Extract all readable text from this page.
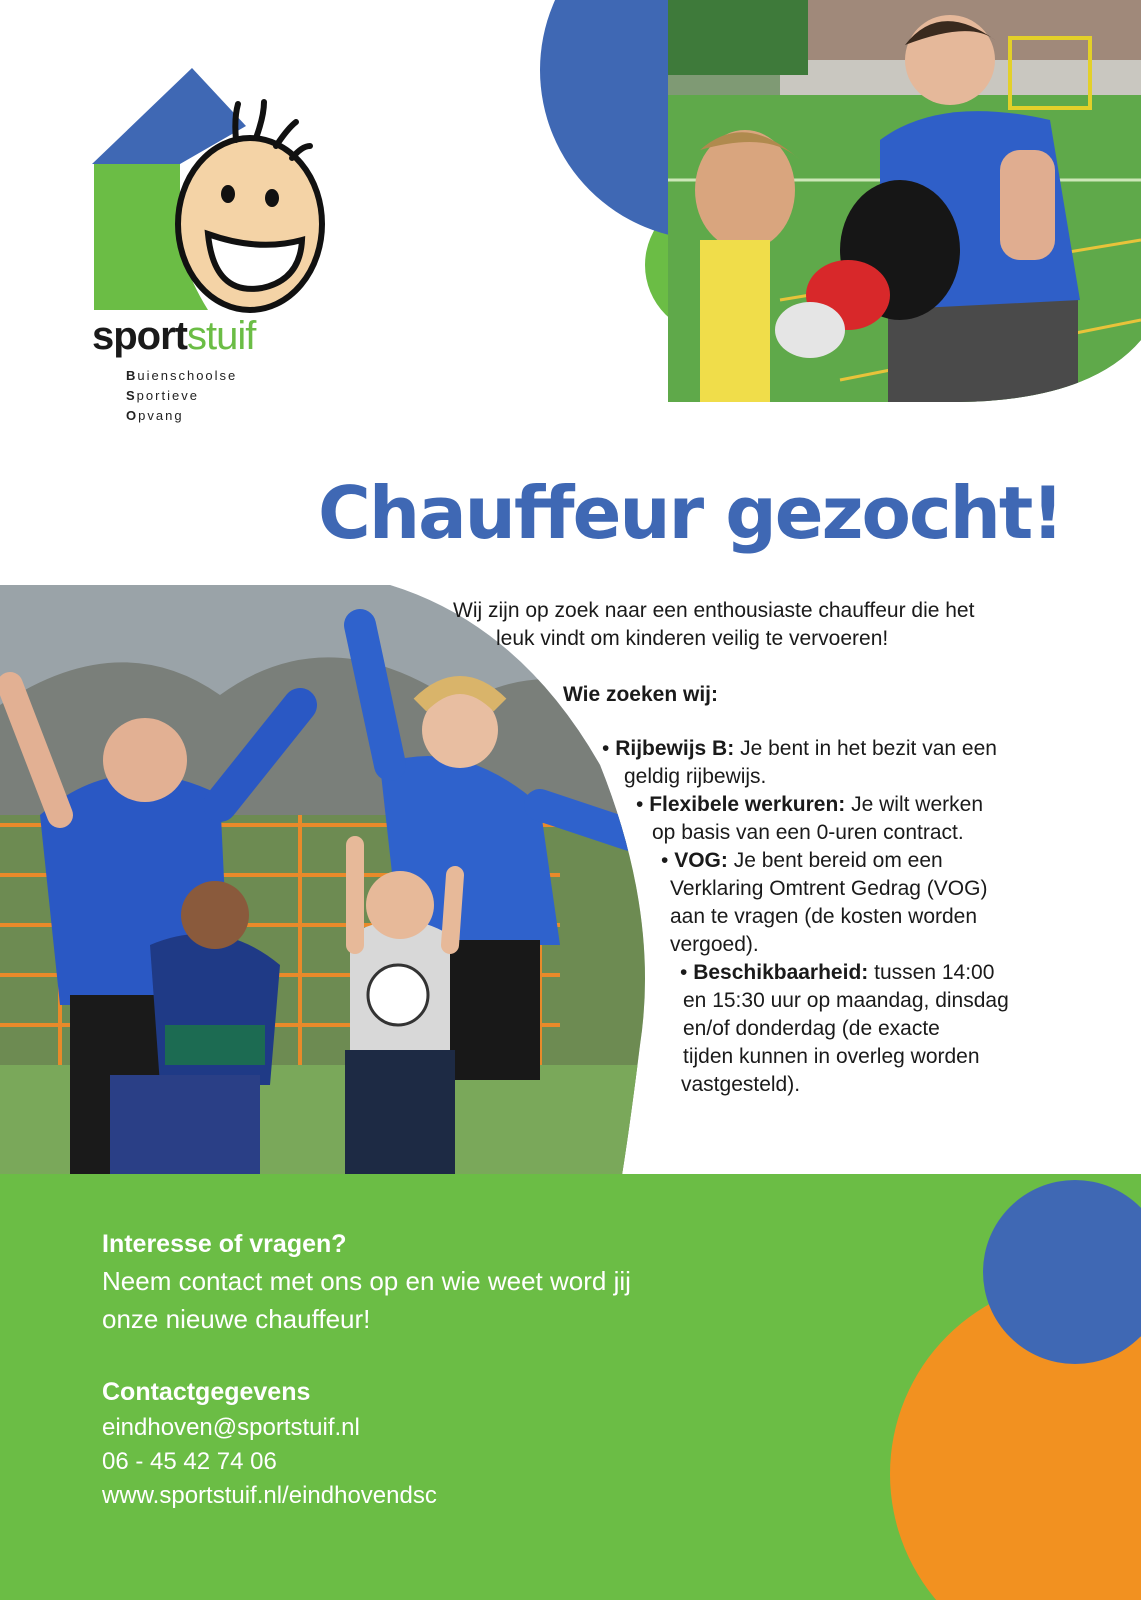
sportstuif
Buienschoolse
Sportieve
Opvang
Chauffeur gezocht!
Wij zijn op zoek naar een enthousiaste chauffeur die het
leuk vindt om kinderen veilig te vervoeren!
Wie zoeken wij:
• Rijbewijs B: Je bent in het bezit van een
geldig rijbewijs.
• Flexibele werkuren: Je wilt werken
op basis van een 0-uren contract.
• VOG: Je bent bereid om een
Verklaring Omtrent Gedrag (VOG)
aan te vragen (de kosten worden
vergoed).
• Beschikbaarheid: tussen 14:00
en 15:30 uur op maandag, dinsdag
en/of donderdag (de exacte
tijden kunnen in overleg worden
vastgesteld).
Interesse of vragen?
Neem contact met ons op en wie weet word jij
onze nieuwe chauffeur!
Contactgegevens
eindhoven@sportstuif.nl
06 - 45 42 74 06
www.sportstuif.nl/eindhovendsc
